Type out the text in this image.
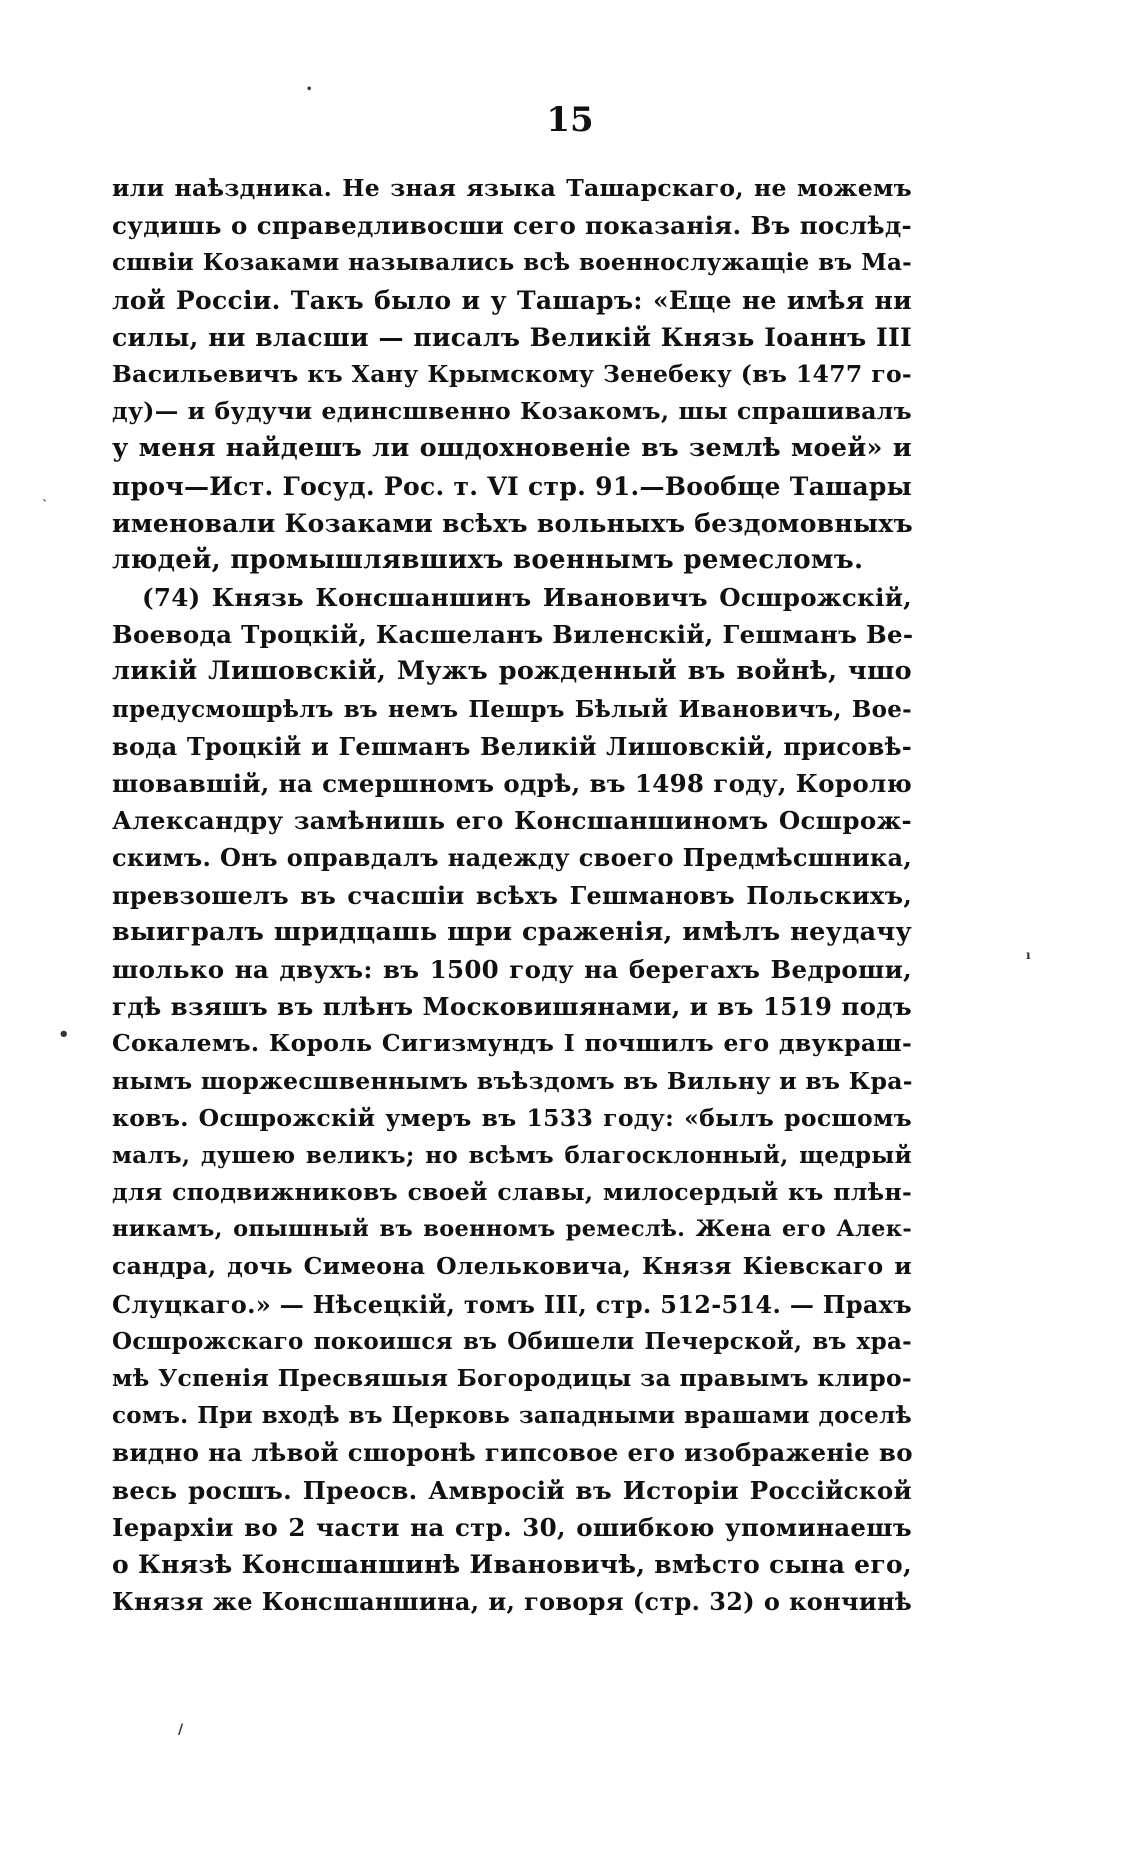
15
или наѣздника. Не зная языка Ташарскаго, не можемъ
судишь о справедливосши сего показанія. Въ послѣд-
сшвіи Козаками назывались всѣ военнослужащіе въ Ма-
лой Россіи. Такъ было и у Ташаръ: «Еще не имѣя ни
силы, ни власши — писалъ Великій Князь Іоаннъ III
Васильевичъ къ Хану Крымскому Зенебеку (въ 1477 го-
ду)— и будучи единсшвенно Козакомъ, шы спрашивалъ
у меня найдешъ ли ошдохновеніе въ землѣ моей» и
проч—Ист. Госуд. Рос. т. VI стр. 91.—Вообще Ташары
именовали Козаками всѣхъ вольныхъ бездомовныхъ
людей, промышлявшихъ военнымъ ремесломъ.
(74) Князь Консшаншинъ Ивановичъ Осшрожскій,
Воевода Троцкій, Касшеланъ Виленскій, Гешманъ Ве-
ликій Лишовскій, Мужъ рожденный въ войнѣ, чшо
предусмошрѣлъ въ немъ Пешръ Бѣлый Ивановичъ, Вое-
вода Троцкій и Гешманъ Великій Лишовскій, присовѣ-
шовавшій, на смершномъ одрѣ, въ 1498 году, Королю
Александру замѣнишь его Консшаншиномъ Осшрож-
скимъ. Онъ оправдалъ надежду своего Предмѣсшника,
превзошелъ въ счасшіи всѣхъ Гешмановъ Польскихъ,
выигралъ шридцашь шри сраженія, имѣлъ неудачу
шолько на двухъ: въ 1500 году на берегахъ Ведроши,
гдѣ взяшъ въ плѣнъ Московишянами, и въ 1519 подъ
Сокалемъ. Король Сигизмундъ I почшилъ его двукраш-
нымъ шоржесшвеннымъ въѣздомъ въ Вильну и въ Кра-
ковъ. Осшрожскій умеръ въ 1533 году: «былъ росшомъ
малъ, душею великъ; но всѣмъ благосклонный, щедрый
для сподвижниковъ своей славы, милосердый къ плѣн-
никамъ, опышный въ военномъ ремеслѣ. Жена его Алек-
сандра, дочь Симеона Олельковича, Князя Кіевскаго и
Слуцкаго.» — Нѣсецкій, томъ III, стр. 512-514. — Прахъ
Осшрожскаго покоишся въ Обишели Печерской, въ хра-
мѣ Успенія Пресвяшыя Богородицы за правымъ клиро-
сомъ. При входѣ въ Церковь западными врашами доселѣ
видно на лѣвой сшоронѣ гипсовое его изображеніе во
весь росшъ. Преосв. Амвросій въ Исторіи Россійской
Іерархіи во 2 части на стр. 30, ошибкою упоминаешъ
о Князѣ Консшаншинѣ Ивановичѣ, вмѣсто сына его,
Князя же Консшаншина, и, говоря (стр. 32) о кончинѣ
•
ˋ
•
ı
/
